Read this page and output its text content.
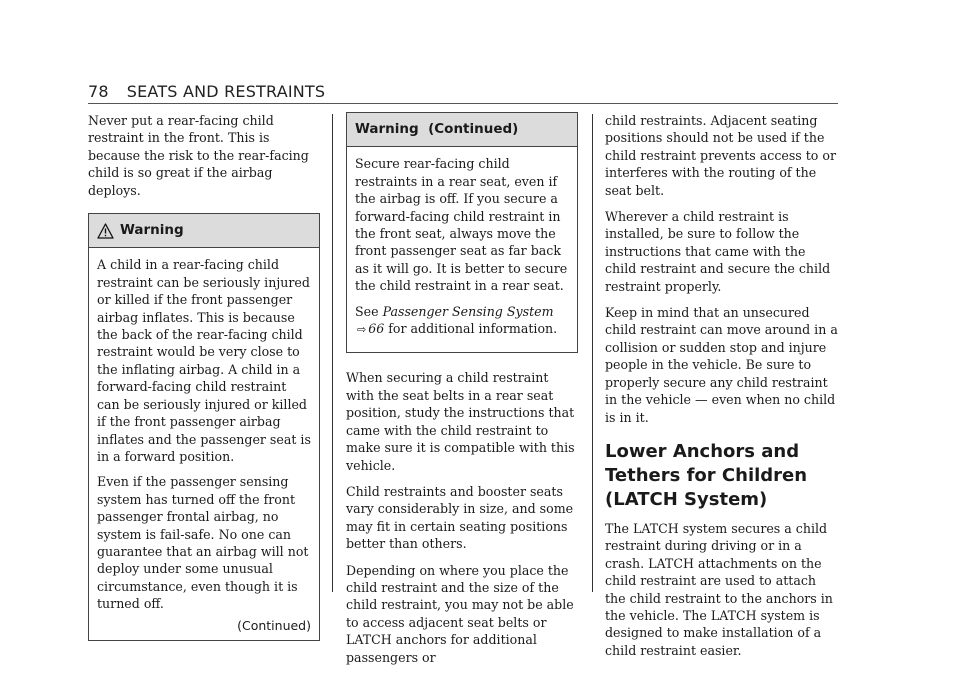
78 SEATS AND RESTRAINTS

Never put a rear-facing child restraint in the front. This is because the risk to the rear-facing child is so great if the airbag deploys.

Warning

A child in a rear-facing child restraint can be seriously injured or killed if the front passenger airbag inflates. This is because the back of the rear-facing child restraint would be very close to the inflating airbag. A child in a forward-facing child restraint can be seriously injured or killed if the front passenger airbag inflates and the passenger seat is in a forward position.

Even if the passenger sensing system has turned off the front passenger frontal airbag, no system is fail-safe. No one can guarantee that an airbag will not deploy under some unusual circumstance, even though it is turned off.

(Continued)
Warning  (Continued)

Secure rear-facing child restraints in a rear seat, even if the airbag is off. If you secure a forward-facing child restraint in the front seat, always move the front passenger seat as far back as it will go. It is better to secure the child restraint in a rear seat.

See Passenger Sensing System ⇨ 66 for additional information.

When securing a child restraint with the seat belts in a rear seat position, study the instructions that came with the child restraint to make sure it is compatible with this vehicle.

Child restraints and booster seats vary considerably in size, and some may fit in certain seating positions better than others.

Depending on where you place the child restraint and the size of the child restraint, you may not be able to access adjacent seat belts or LATCH anchors for additional passengers or

child restraints. Adjacent seating positions should not be used if the child restraint prevents access to or interferes with the routing of the seat belt.

Wherever a child restraint is installed, be sure to follow the instructions that came with the child restraint and secure the child restraint properly.

Keep in mind that an unsecured child restraint can move around in a collision or sudden stop and injure people in the vehicle. Be sure to properly secure any child restraint in the vehicle — even when no child is in it.

Lower Anchors and Tethers for Children (LATCH System)

The LATCH system secures a child restraint during driving or in a crash. LATCH attachments on the child restraint are used to attach the child restraint to the anchors in the vehicle. The LATCH system is designed to make installation of a child restraint easier.
